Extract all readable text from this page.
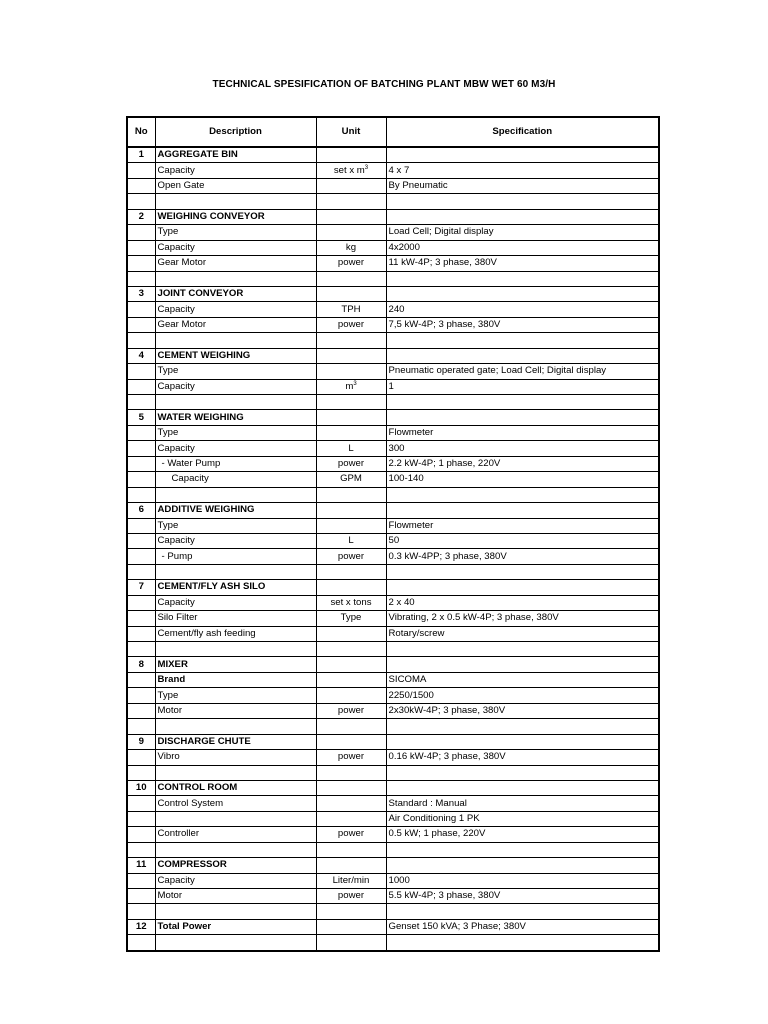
TECHNICAL SPESIFICATION OF BATCHING PLANT MBW WET 60 M3/H
No	Description	Unit	Specification
1	AGGREGATE BIN		
	Capacity	set x $m^3$	4 x 7
	Open Gate		By Pneumatic

2	WEIGHING CONVEYOR		
	Type		Load Cell; Digital display
	Capacity	kg	4x2000
	Gear Motor	power	11 kW-4P; 3 phase, 380V

3	JOINT CONVEYOR		
	Capacity	TPH	240
	Gear Motor	power	7,5 kW-4P; 3 phase, 380V

4	CEMENT WEIGHING		
	Type		Pneumatic operated gate; Load Cell; Digital display
	Capacity	$m^3$	1

5	WATER WEIGHING		
	Type		Flowmeter
	Capacity	L	300
	- Water Pump	power	2.2 kW-4P; 1 phase, 220V
	Capacity	GPM	100-140

6	ADDITIVE WEIGHING		
	Type		Flowmeter
	Capacity	L	50
	- Pump	power	0.3 kW-4PP; 3 phase, 380V

7	CEMENT/FLY ASH SILO		
	Capacity	set x tons	2 x 40
	Silo Filter	Type	Vibrating, 2 x 0.5 kW-4P; 3 phase, 380V
	Cement/fly ash feeding		Rotary/screw

8	MIXER		
	Brand		SICOMA
	Type		2250/1500
	Motor	power	2x30kW-4P; 3 phase, 380V

9	DISCHARGE CHUTE		
	Vibro	power	0.16 kW-4P; 3 phase, 380V

10	CONTROL ROOM		
	Control System		Standard : Manual
			Air Conditioning 1 PK
	Controller	power	0.5 kW; 1 phase, 220V

11	COMPRESSOR		
	Capacity	Liter/min	1000
	Motor	power	5.5 kW-4P; 3 phase, 380V

12	Total Power		Genset 150 kVA; 3 Phase; 380V
